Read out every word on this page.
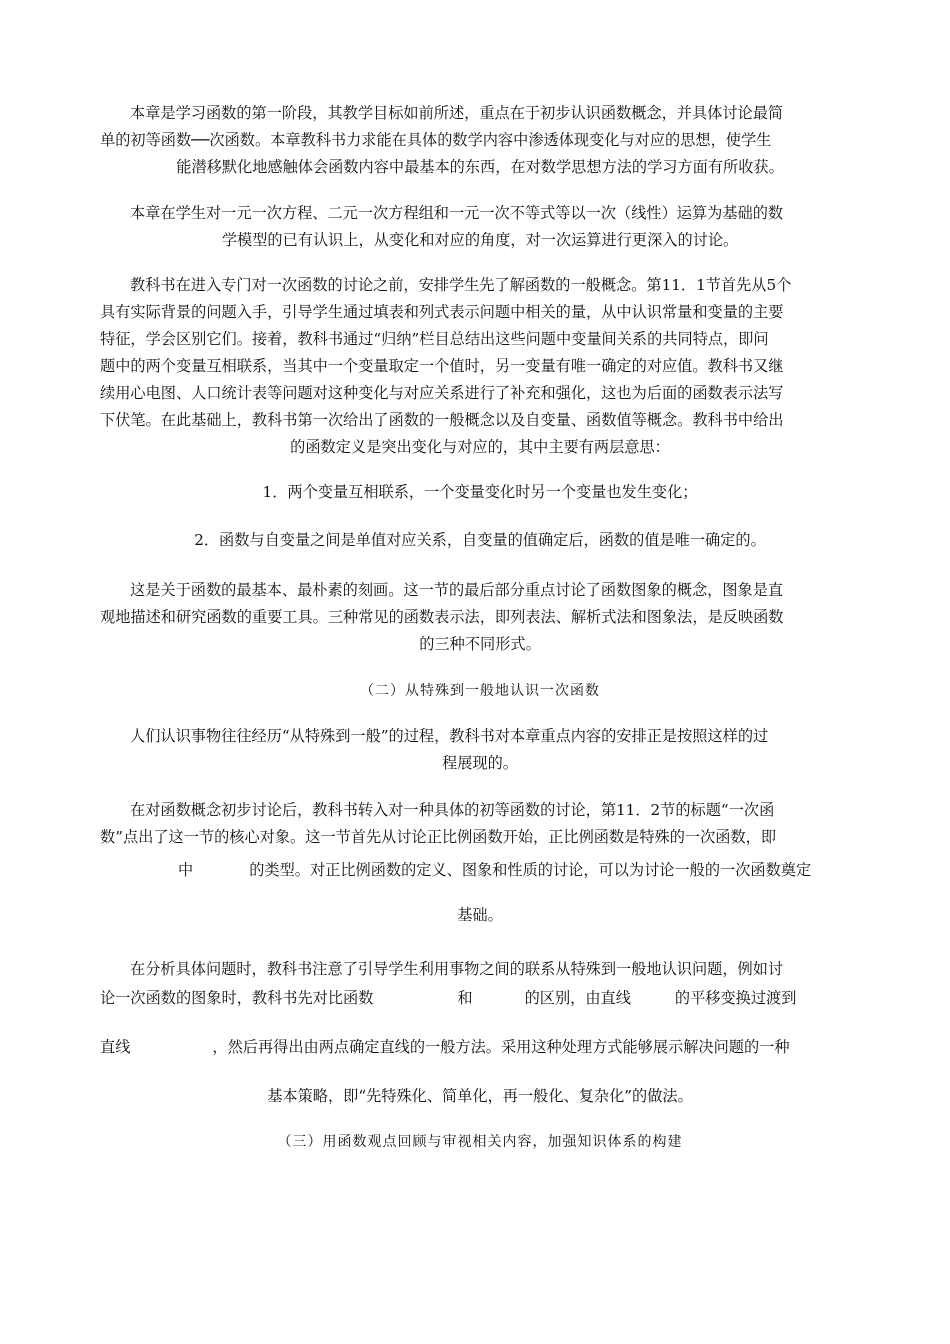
本章是学习函数的第一阶段，其教学目标如前所述，重点在于初步认识函数概念，并具体讨论最简
单的初等函数──次函数。本章教科书力求能在具体的数学内容中渗透体现变化与对应的思想，使学生
能潜移默化地感触体会函数内容中最基本的东西，在对数学思想方法的学习方面有所收获。
本章在学生对一元一次方程、二元一次方程组和一元一次不等式等以一次（线性）运算为基础的数
学模型的已有认识上，从变化和对应的角度，对一次运算进行更深入的讨论。
教科书在进入专门对一次函数的讨论之前，安排学生先了解函数的一般概念。第11．1节首先从5个
具有实际背景的问题入手，引导学生通过填表和列式表示问题中相关的量，从中认识常量和变量的主要
特征，学会区别它们。接着，教科书通过“归纳”栏目总结出这些问题中变量间关系的共同特点，即问
题中的两个变量互相联系，当其中一个变量取定一个值时，另一变量有唯一确定的对应值。教科书又继
续用心电图、人口统计表等问题对这种变化与对应关系进行了补充和强化，这也为后面的函数表示法写
下伏笔。在此基础上，教科书第一次给出了函数的一般概念以及自变量、函数值等概念。教科书中给出
的函数定义是突出变化与对应的，其中主要有两层意思：
1．两个变量互相联系，一个变量变化时另一个变量也发生变化；
2．函数与自变量之间是单值对应关系，自变量的值确定后，函数的值是唯一确定的。
这是关于函数的最基本、最朴素的刻画。这一节的最后部分重点讨论了函数图象的概念，图象是直
观地描述和研究函数的重要工具。三种常见的函数表示法，即列表法、解析式法和图象法，是反映函数
的三种不同形式。
（二）从特殊到一般地认识一次函数
人们认识事物往往经历“从特殊到一般”的过程，教科书对本章重点内容的安排正是按照这样的过
程展现的。
在对函数概念初步讨论后，教科书转入对一种具体的初等函数的讨论，第11．2节的标题“一次函
数”点出了这一节的核心对象。这一节首先从讨论正比例函数开始，正比例函数是特殊的一次函数，即
中	的类型。对正比例函数的定义、图象和性质的讨论，可以为讨论一般的一次函数奠定
基础。
在分析具体问题时，教科书注意了引导学生利用事物之间的联系从特殊到一般地认识问题，例如讨
论一次函数的图象时，教科书先对比函数	和	的区别，由直线	的平移变换过渡到
直线	，然后再得出由两点确定直线的一般方法。采用这种处理方式能够展示解决问题的一种
基本策略，即“先特殊化、简单化，再一般化、复杂化”的做法。
（三）用函数观点回顾与审视相关内容，加强知识体系的构建
